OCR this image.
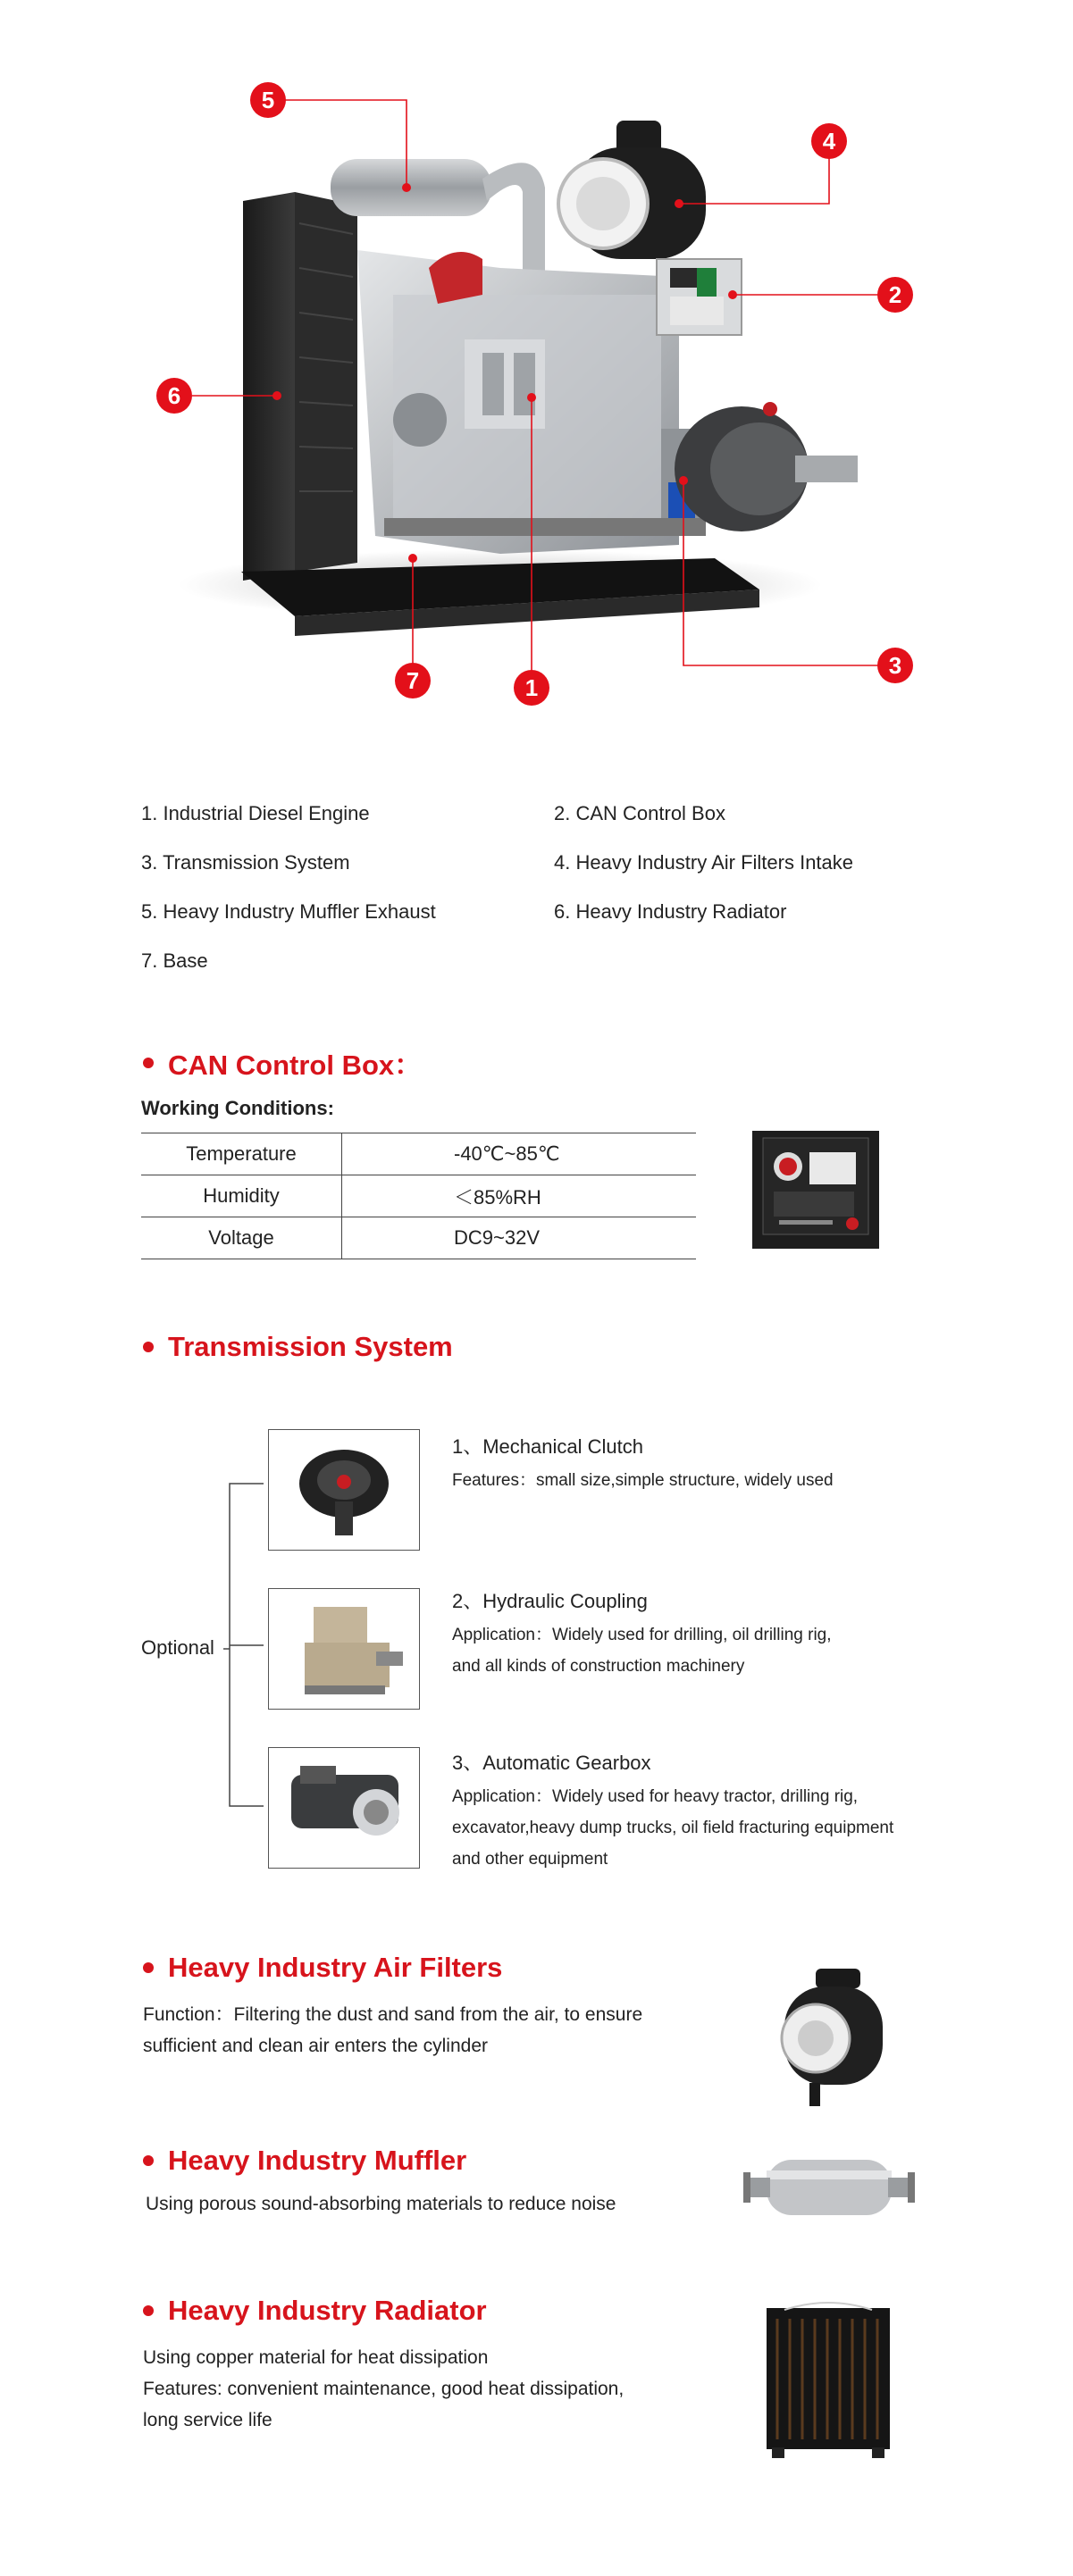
5
4
2
6
3
7	1
1. Industrial Diesel Engine	2. CAN Control Box
3. Transmission System	4. Heavy Industry Air Filters Intake
5. Heavy Industry Muffler Exhaust	6. Heavy Industry Radiator
7. Base
CAN Control Box：
Working Conditions:
Temperature	-40℃~85℃
Humidity	＜85%RH
Voltage	DC9~32V
Transmission System
Optional
1、Mechanical Clutch
Features：small size,simple structure, widely used
2、Hydraulic Coupling
Application：Widely used for drilling, oil drilling rig,
and all kinds of construction machinery
3、Automatic Gearbox
Application：Widely used for heavy tractor, drilling rig,
excavator,heavy dump trucks, oil field fracturing equipment
and other equipment
Heavy Industry Air Filters
Function：Filtering the dust and sand from the air, to ensure
sufficient and clean air enters the cylinder
Heavy Industry Muffler
Using porous sound-absorbing materials to reduce noise
Heavy Industry Radiator
Using copper material for heat dissipation
Features: convenient maintenance, good heat dissipation,
long service life
